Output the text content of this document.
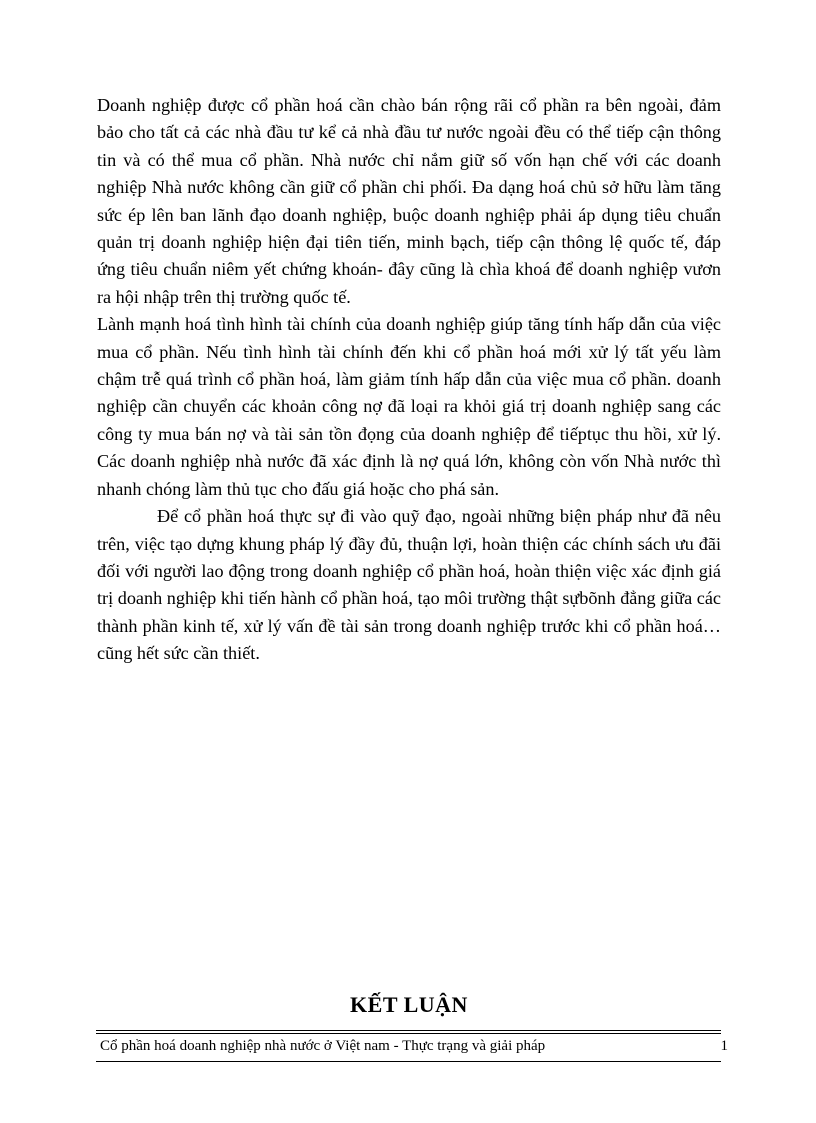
Doanh nghiệp được cổ phần hoá cần chào bán rộng rãi cổ phần ra bên ngoài, đảm bảo cho tất cả các nhà đầu tư kể cả nhà đầu tư nước ngoài đều có thể tiếp cận thông tin và có thể mua cổ phần. Nhà nước chỉ nắm giữ số vốn hạn chế với các doanh nghiệp Nhà nước không cần giữ cổ phần chi phối. Đa dạng hoá chủ sở hữu làm tăng sức ép lên ban lãnh đạo doanh nghiệp, buộc doanh nghiệp phải áp dụng tiêu chuẩn quản trị doanh nghiệp hiện đại tiên tiến, minh bạch, tiếp cận thông lệ quốc tế, đáp ứng tiêu chuẩn niêm yết chứng khoán- đây cũng là chìa khoá để doanh nghiệp vươn ra hội nhập trên thị trường quốc tế.

Lành mạnh hoá tình hình tài chính của doanh nghiệp giúp tăng tính hấp dẫn của việc mua cổ phần. Nếu tình hình tài chính đến khi cổ phần hoá mới xử lý tất yếu làm chậm trễ quá trình cổ phần hoá, làm giảm tính hấp dẫn của việc mua cổ phần. doanh nghiệp cần chuyển các khoản công nợ đã loại ra khỏi giá trị doanh nghiệp sang các công ty mua bán nợ và tài sản tồn đọng của doanh nghiệp để tiếptục thu hồi, xử lý. Các doanh nghiệp nhà nước đã xác định là nợ quá lớn, không còn vốn Nhà nước thì nhanh chóng làm thủ tục cho đấu giá hoặc cho phá sản.

Để cổ phần hoá thực sự đi vào quỹ đạo, ngoài những biện pháp như đã nêu trên, việc tạo dựng khung pháp lý đầy đủ, thuận lợi, hoàn thiện các chính sách ưu đãi đối với người lao động trong doanh nghiệp cổ phần hoá, hoàn thiện việc xác định giá trị doanh nghiệp khi tiến hành cổ phần hoá, tạo môi trường thật sựbõnh đẳng giữa các thành phần kinh tế, xử lý vấn đề tài sản trong doanh nghiệp trước khi cổ phần hoá…cũng hết sức cần thiết.

KẾT LUẬN
Cổ phần hoá doanh nghiệp nhà nước ở Việt nam - Thực trạng và giải pháp	1
